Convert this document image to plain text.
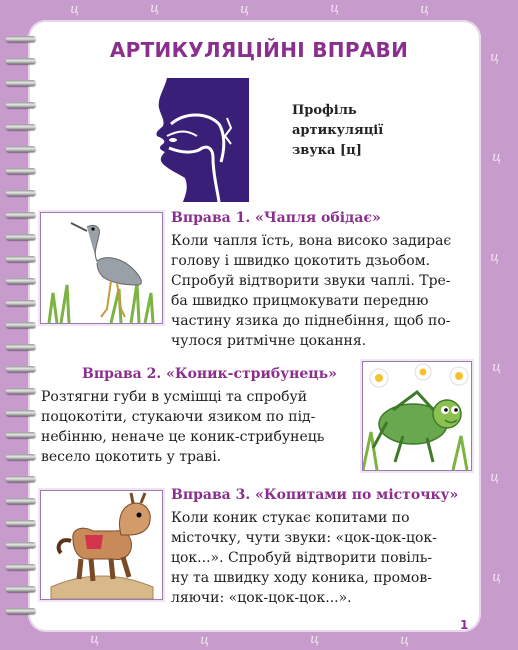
ц	ц	ц	ц	ц
ц
ц
ц
ц
ц
ц
ц	ц	ц	ц
АРТИКУЛЯЦІЙНІ ВПРАВИ
Профіль
артикуляції
звука [ц]
Вправа 1. «Чапля обідає»
Коли чапля їсть, вона високо задирає
голову і швидко цокотить дзьобом.
Спробуй відтворити звуки чаплі. Тре-
ба швидко прицмокувати передню
частину язика до піднебіння, щоб по-
чулося ритмічне цокання.
Вправа 2. «Коник-стрибунець»
Розтягни губи в усмішці та спробуй
поцокотіти, стукаючи язиком по під-
небінню, неначе це коник-стрибунець
весело цокотить у траві.
Вправа 3. «Копитами по місточку»
Коли коник стукає копитами по
місточку, чути звуки: «цок-цок-цок-
цок...». Спробуй відтворити повіль-
ну та швидку ходу коника, промов-
ляючи: «цок-цок-цок...».
1
